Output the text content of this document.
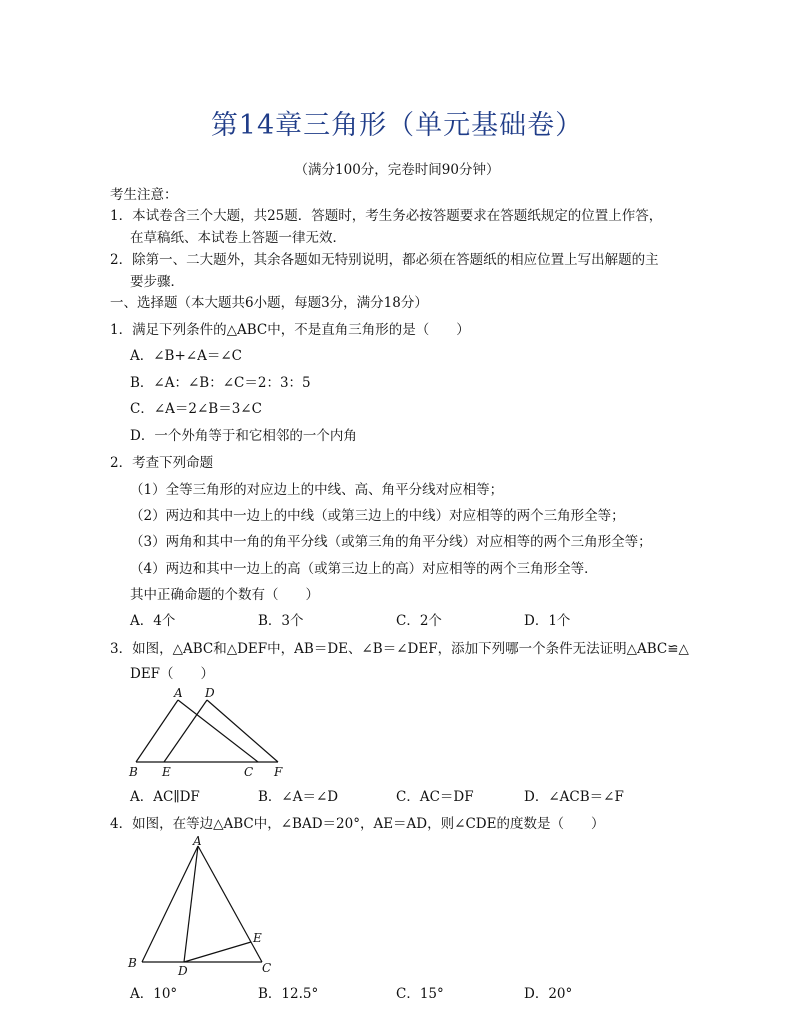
第14章三角形（单元基础卷）
（满分100分，完卷时间90分钟）
考生注意：
1．本试卷含三个大题，共25题．答题时，考生务必按答题要求在答题纸规定的位置上作答，
在草稿纸、本试卷上答题一律无效．
2．除第一、二大题外，其余各题如无特别说明，都必须在答题纸的相应位置上写出解题的主
要步骤．
一、选择题（本大题共6小题，每题3分，满分18分）
1．满足下列条件的△ABC中，不是直角三角形的是（　　）
A．∠B+∠A＝∠C
B．∠A：∠B：∠C＝2：3：5
C．∠A＝2∠B＝3∠C
D．一个外角等于和它相邻的一个内角
2．考查下列命题
（1）全等三角形的对应边上的中线、高、角平分线对应相等；
（2）两边和其中一边上的中线（或第三边上的中线）对应相等的两个三角形全等；
（3）两角和其中一角的角平分线（或第三角的角平分线）对应相等的两个三角形全等；
（4）两边和其中一边上的高（或第三边上的高）对应相等的两个三角形全等．
其中正确命题的个数有（　　）
A．4个	B．3个	C．2个	D．1个
3．如图，△ABC和△DEF中，AB＝DE、∠B＝∠DEF，添加下列哪一个条件无法证明△ABC≌△
DEF（　　）
A D
B E	C F
A．AC∥DF	B．∠A＝∠D	C．AC＝DF	D．∠ACB＝∠F
4．如图，在等边△ABC中，∠BAD＝20°，AE＝AD，则∠CDE的度数是（　　）
A
B	C
D
E
A．10°	B．12.5°	C．15°	D．20°
